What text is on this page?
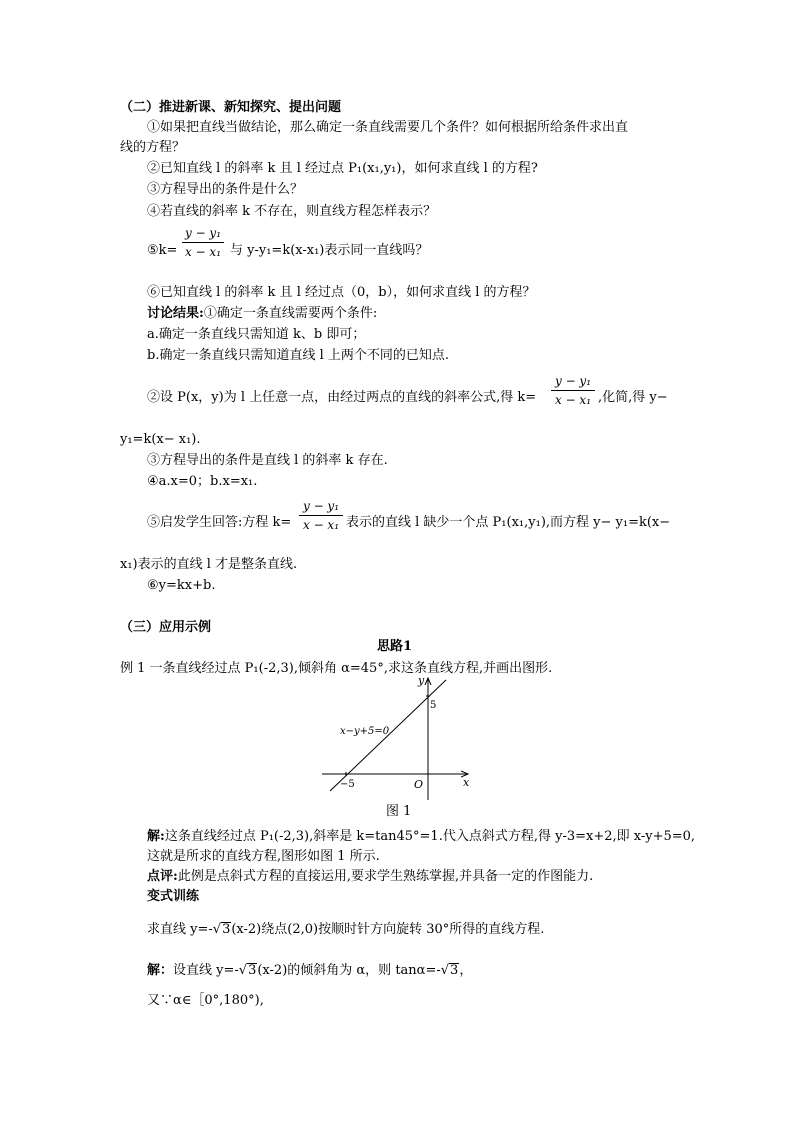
（二）推进新课、新知探究、提出问题
①如果把直线当做结论，那么确定一条直线需要几个条件？如何根据所给条件求出直
线的方程？
②已知直线 l 的斜率 k 且 l 经过点 P₁(x₁,y₁)，如何求直线 l 的方程?
③方程导出的条件是什么？
④若直线的斜率 k 不存在，则直线方程怎样表示？
⑤k= $\frac{\text{y − y₁}}{\text{x − x₁}}$ 与 y-y₁=k(x-x₁)表示同一直线吗？
⑥已知直线 l 的斜率 k 且 l 经过点（0，b），如何求直线 l 的方程？
讨论结果:①确定一条直线需要两个条件:
a.确定一条直线只需知道 k、b 即可；
b.确定一条直线只需知道直线 l 上两个不同的已知点.
②设 P(x，y)为 l 上任意一点，由经过两点的直线的斜率公式,得 $k= \frac{\text{y − y₁}}{\text{x − x₁}}$ ,化简,得 y−
y₁=k(x− x₁).
③方程导出的条件是直线 l 的斜率 k 存在.
④a.x=0；b.x=x₁.
⑤启发学生回答:方程 $k= \frac{\text{y − y₁}}{\text{x − x₁}}$ 表示的直线 l 缺少一个点 P₁(x₁,y₁),而方程 y− y₁=k(x−
x₁)表示的直线 l 才是整条直线.
⑥y=kx+b.
（三）应用示例
思路1
例 1 一条直线经过点 P₁(-2,3),倾斜角 α=45°,求这条直线方程,并画出图形.
x−y+5=0
x
y
O
−5
5
图 1
解:这条直线经过点 P₁(-2,3),斜率是 k=tan45°=1.代入点斜式方程,得 y-3=x+2,即 x-y+5=0,
这就是所求的直线方程,图形如图 1 所示.
点评:此例是点斜式方程的直接运用,要求学生熟练掌握,并具备一定的作图能力.
变式训练
求直线 y=-√3(x-2)绕点(2,0)按顺时针方向旋转 30°所得的直线方程.
解：设直线 y=-√3(x-2)的倾斜角为 α，则 tanα=-√3，
又∵α∈［0°,180°),
